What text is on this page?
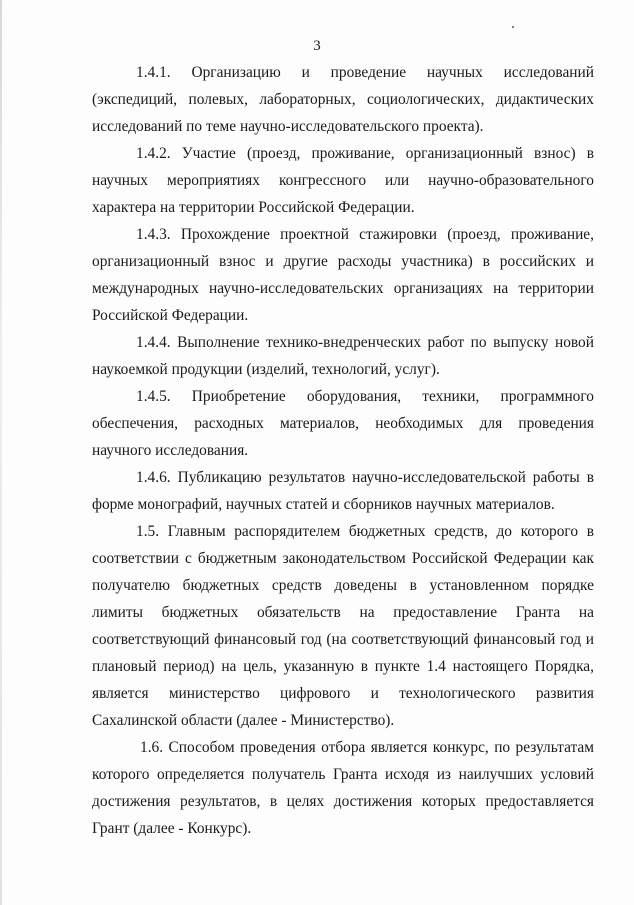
3

1.4.1. Организацию и проведение научных исследований (экспедиций, полевых, лабораторных, социологических, дидактических исследований по теме научно-исследовательского проекта).

1.4.2. Участие (проезд, проживание, организационный взнос) в научных мероприятиях конгрессного или научно-образовательного характера на территории Российской Федерации.

1.4.3. Прохождение проектной стажировки (проезд, проживание, организационный взнос и другие расходы участника) в российских и международных научно-исследовательских организациях на территории Российской Федерации.

1.4.4. Выполнение технико-внедренческих работ по выпуску новой наукоемкой продукции (изделий, технологий, услуг).

1.4.5. Приобретение оборудования, техники, программного обеспечения, расходных материалов, необходимых для проведения научного исследования.

1.4.6. Публикацию результатов научно-исследовательской работы в форме монографий, научных статей и сборников научных материалов.

1.5. Главным распорядителем бюджетных средств, до которого в соответствии с бюджетным законодательством Российской Федерации как получателю бюджетных средств доведены в установленном порядке лимиты бюджетных обязательств на предоставление Гранта на соответствующий финансовый год (на соответствующий финансовый год и плановый период) на цель, указанную в пункте 1.4 настоящего Порядка, является министерство цифрового и технологического развития Сахалинской области (далее - Министерство).

1.6. Способом проведения отбора является конкурс, по результатам которого определяется получатель Гранта исходя из наилучших условий достижения результатов, в целях достижения которых предоставляется Грант (далее - Конкурс).
